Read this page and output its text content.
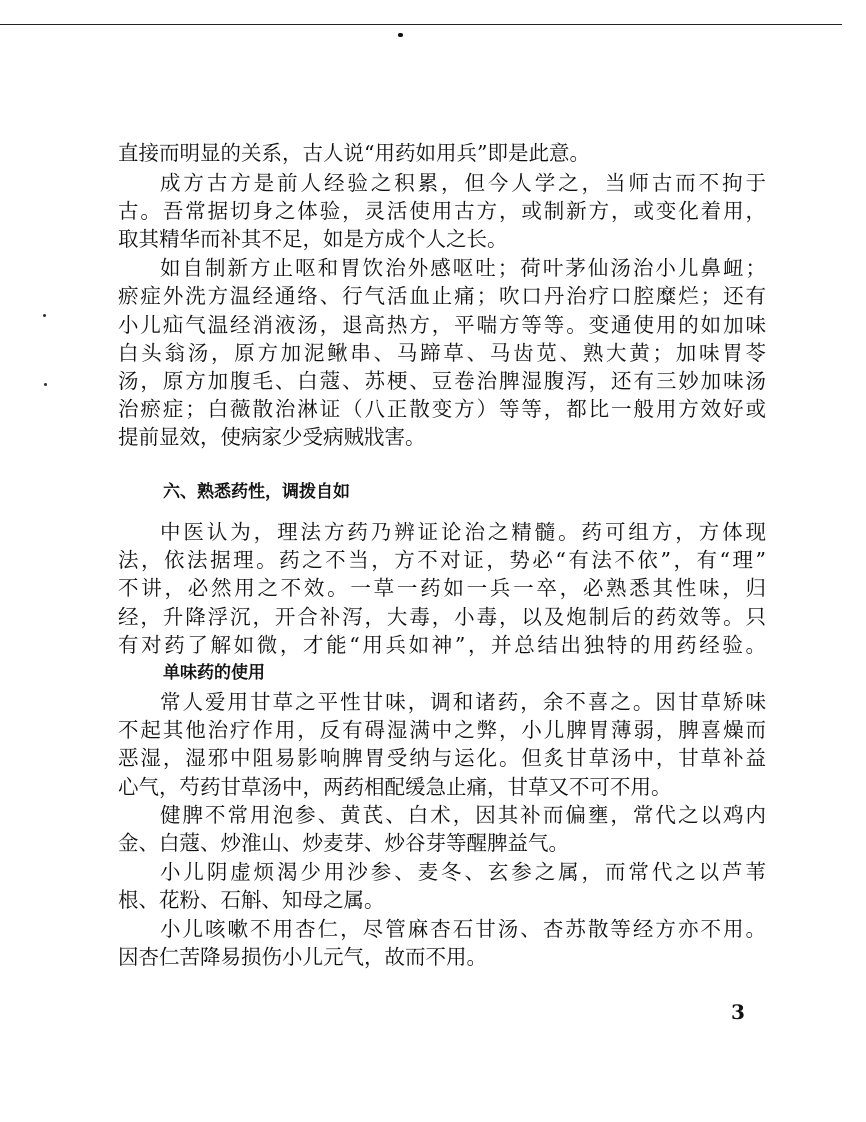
直接而明显的关系，古人说“用药如用兵”即是此意。
成方古方是前人经验之积累，但今人学之，当师古而不拘于
古。吾常据切身之体验，灵活使用古方，或制新方，或变化着用，
取其精华而补其不足，如是方成个人之长。
如自制新方止呕和胃饮治外感呕吐；荷叶茅仙汤治小儿鼻衄；
瘀症外洗方温经通络、行气活血止痛；吹口丹治疗口腔糜烂；还有
小儿疝气温经消液汤，退高热方，平喘方等等。变通使用的如加味
白头翁汤，原方加泥鳅串、马蹄草、马齿苋、熟大黄；加味胃苓
汤，原方加腹毛、白蔻、苏梗、豆卷治脾湿腹泻，还有三妙加味汤
治瘀症；白薇散治淋证（八正散变方）等等，都比一般用方效好或
提前显效，使病家少受病贼戕害。
六、熟悉药性，调拨自如
中医认为，理法方药乃辨证论治之精髓。药可组方，方体现
法，依法据理。药之不当，方不对证，势必“有法不依”，有“理”
不讲，必然用之不效。一草一药如一兵一卒，必熟悉其性味，归
经，升降浮沉，开合补泻，大毒，小毒，以及炮制后的药效等。只
有对药了解如微，才能“用兵如神”，并总结出独特的用药经验。
单味药的使用
常人爱用甘草之平性甘味，调和诸药，余不喜之。因甘草矫味
不起其他治疗作用，反有碍湿满中之弊，小儿脾胃薄弱，脾喜燥而
恶湿，湿邪中阻易影响脾胃受纳与运化。但炙甘草汤中，甘草补益
心气，芍药甘草汤中，两药相配缓急止痛，甘草又不可不用。
健脾不常用泡参、黄芪、白术，因其补而偏壅，常代之以鸡内
金、白蔻、炒淮山、炒麦芽、炒谷芽等醒脾益气。
小儿阴虚烦渴少用沙参、麦冬、玄参之属，而常代之以芦苇
根、花粉、石斛、知母之属。
小儿咳嗽不用杏仁，尽管麻杏石甘汤、杏苏散等经方亦不用。
因杏仁苦降易损伤小儿元气，故而不用。
3
